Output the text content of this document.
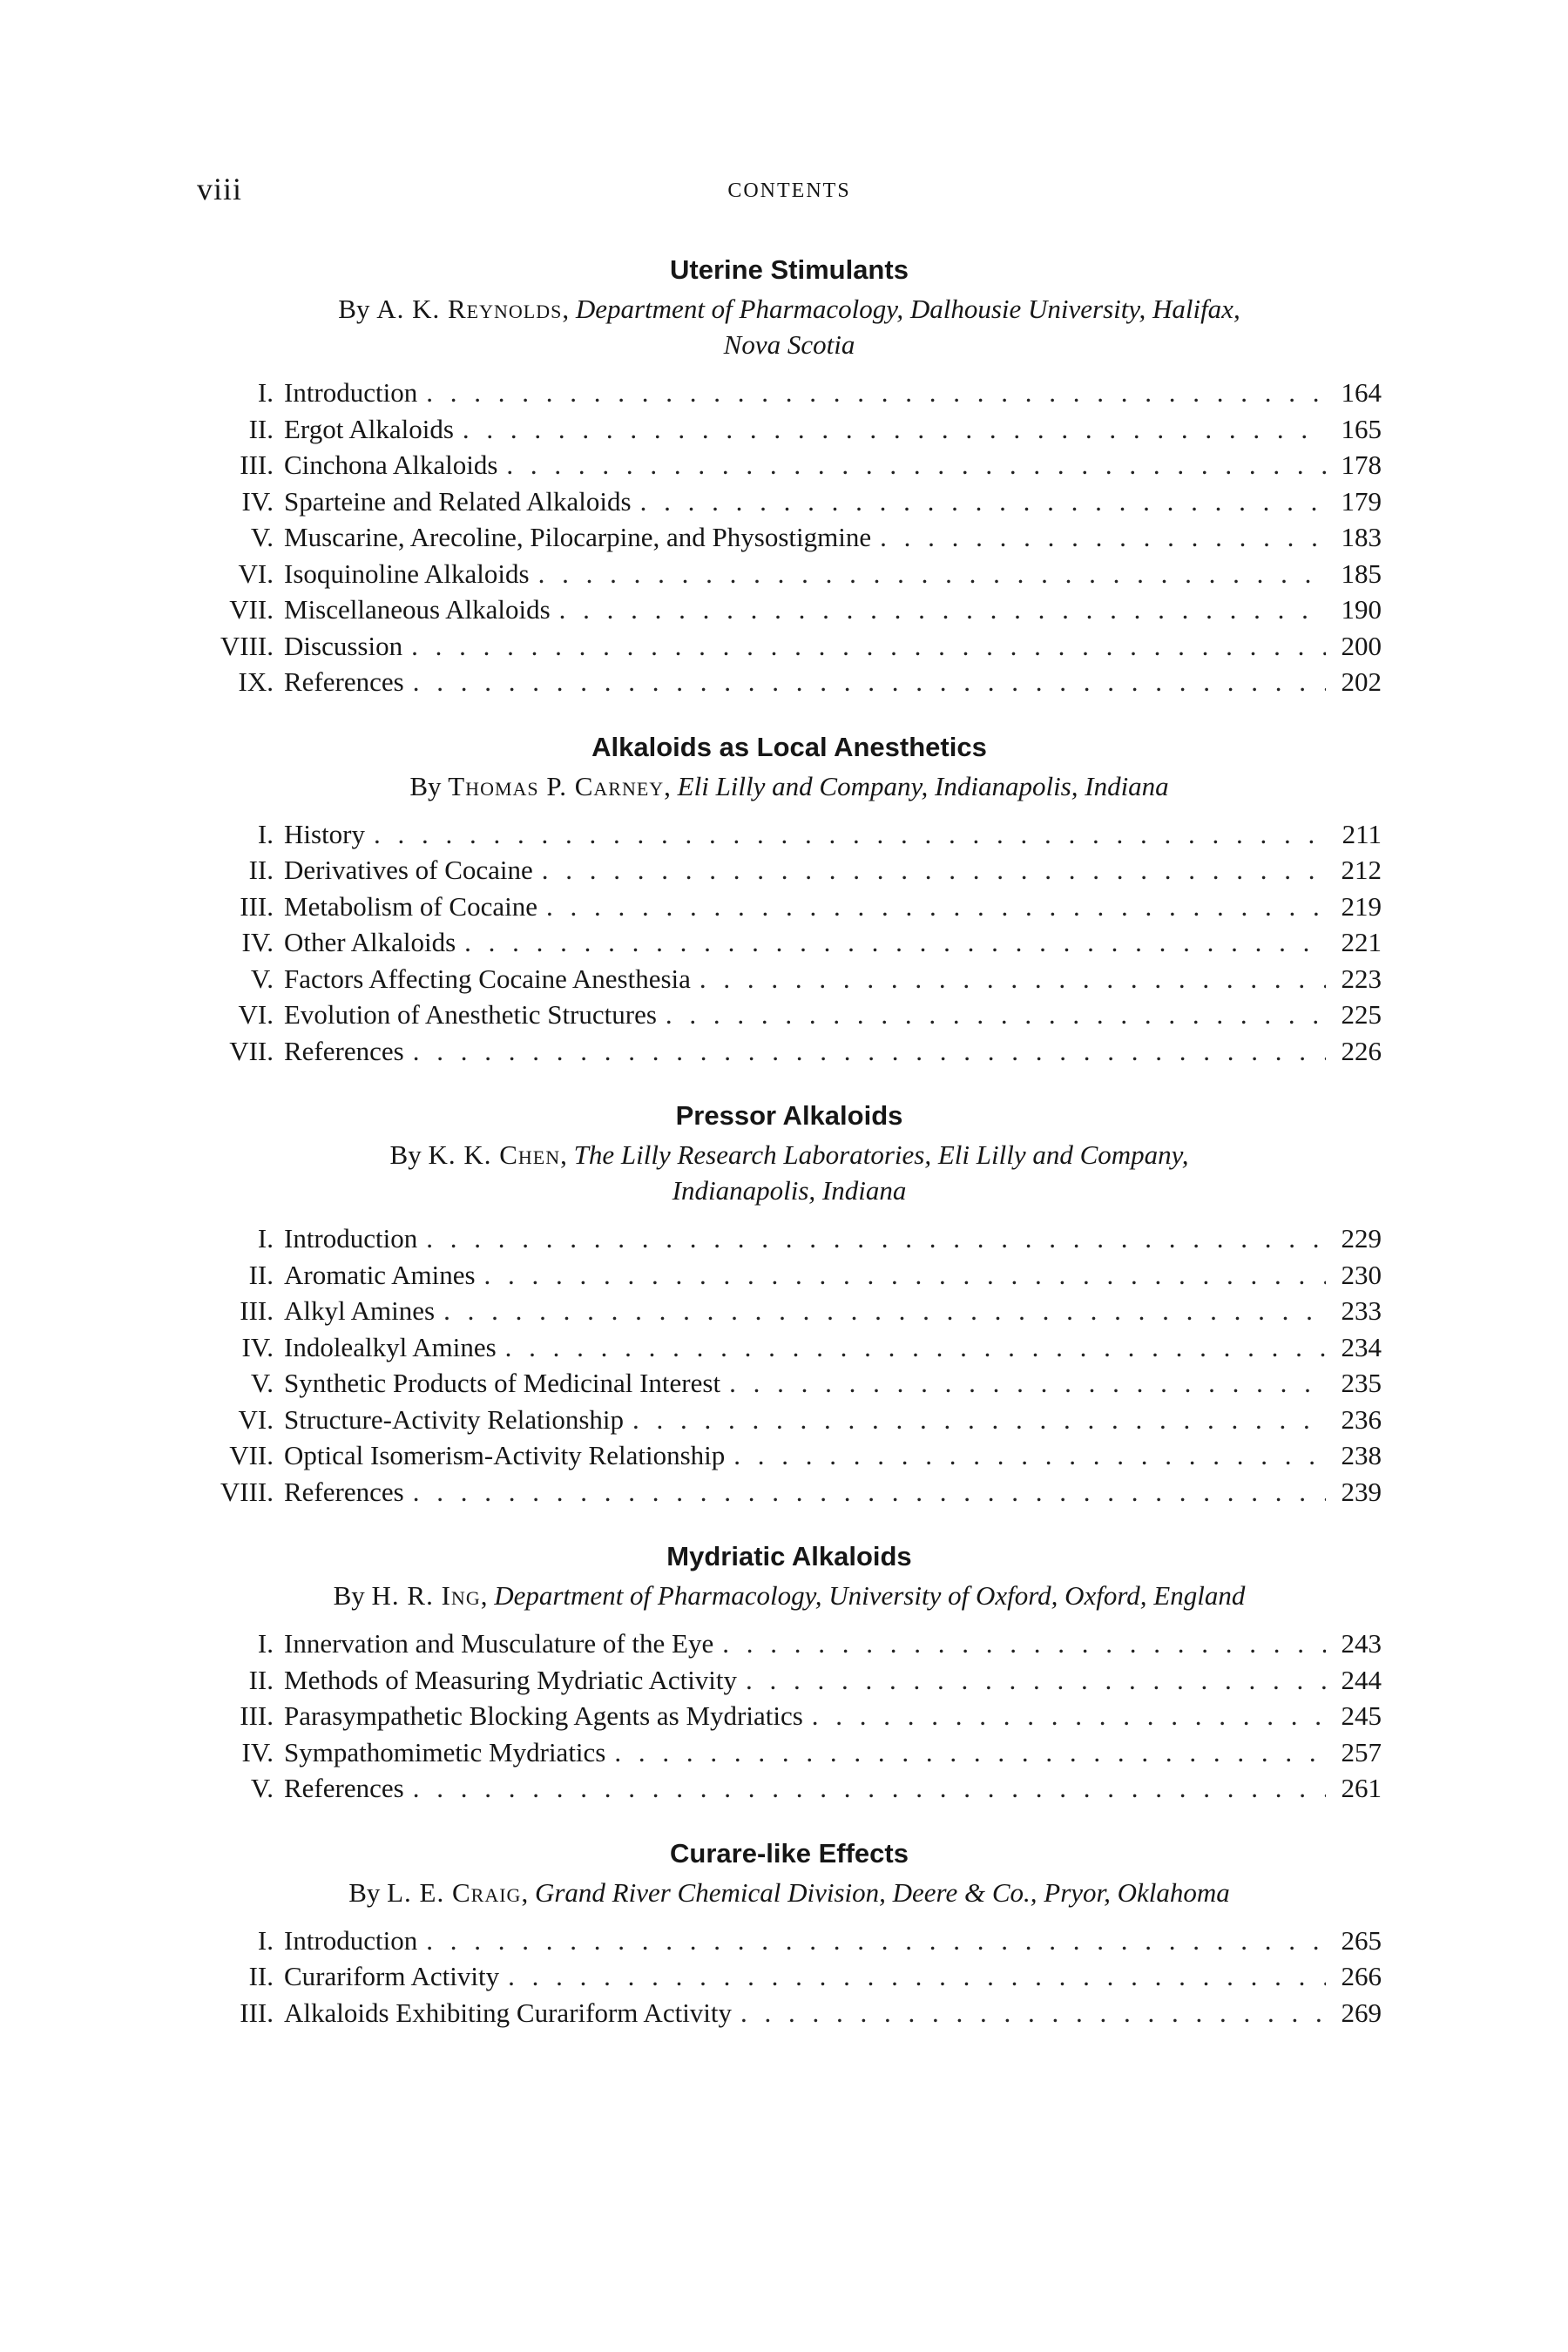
viii	CONTENTS
Uterine Stimulants
By A. K. Reynolds, Department of Pharmacology, Dalhousie University, Halifax,
Nova Scotia
I. Introduction . . .	164
II. Ergot Alkaloids . . .	165
III. Cinchona Alkaloids . . .	178
IV. Sparteine and Related Alkaloids . . .	179
V. Muscarine, Arecoline, Pilocarpine, and Physostigmine . . .	183
VI. Isoquinoline Alkaloids . . .	185
VII. Miscellaneous Alkaloids . . .	190
VIII. Discussion . . .	200
IX. References . . .	202
Alkaloids as Local Anesthetics
By Thomas P. Carney, Eli Lilly and Company, Indianapolis, Indiana
I. History . . .	211
II. Derivatives of Cocaine . . .	212
III. Metabolism of Cocaine . . .	219
IV. Other Alkaloids . . .	221
V. Factors Affecting Cocaine Anesthesia . . .	223
VI. Evolution of Anesthetic Structures . . .	225
VII. References . . .	226
Pressor Alkaloids
By K. K. Chen, The Lilly Research Laboratories, Eli Lilly and Company,
Indianapolis, Indiana
I. Introduction . . .	229
II. Aromatic Amines . . .	230
III. Alkyl Amines . . .	233
IV. Indolealkyl Amines . . .	234
V. Synthetic Products of Medicinal Interest . . .	235
VI. Structure-Activity Relationship . . .	236
VII. Optical Isomerism-Activity Relationship . . .	238
VIII. References . . .	239
Mydriatic Alkaloids
By H. R. Ing, Department of Pharmacology, University of Oxford, Oxford, England
I. Innervation and Musculature of the Eye . . .	243
II. Methods of Measuring Mydriatic Activity . . .	244
III. Parasympathetic Blocking Agents as Mydriatics . . .	245
IV. Sympathomimetic Mydriatics . . .	257
V. References . . .	261
Curare-like Effects
By L. E. Craig, Grand River Chemical Division, Deere & Co., Pryor, Oklahoma
I. Introduction . . .	265
II. Curariform Activity . . .	266
III. Alkaloids Exhibiting Curariform Activity . . .	269
